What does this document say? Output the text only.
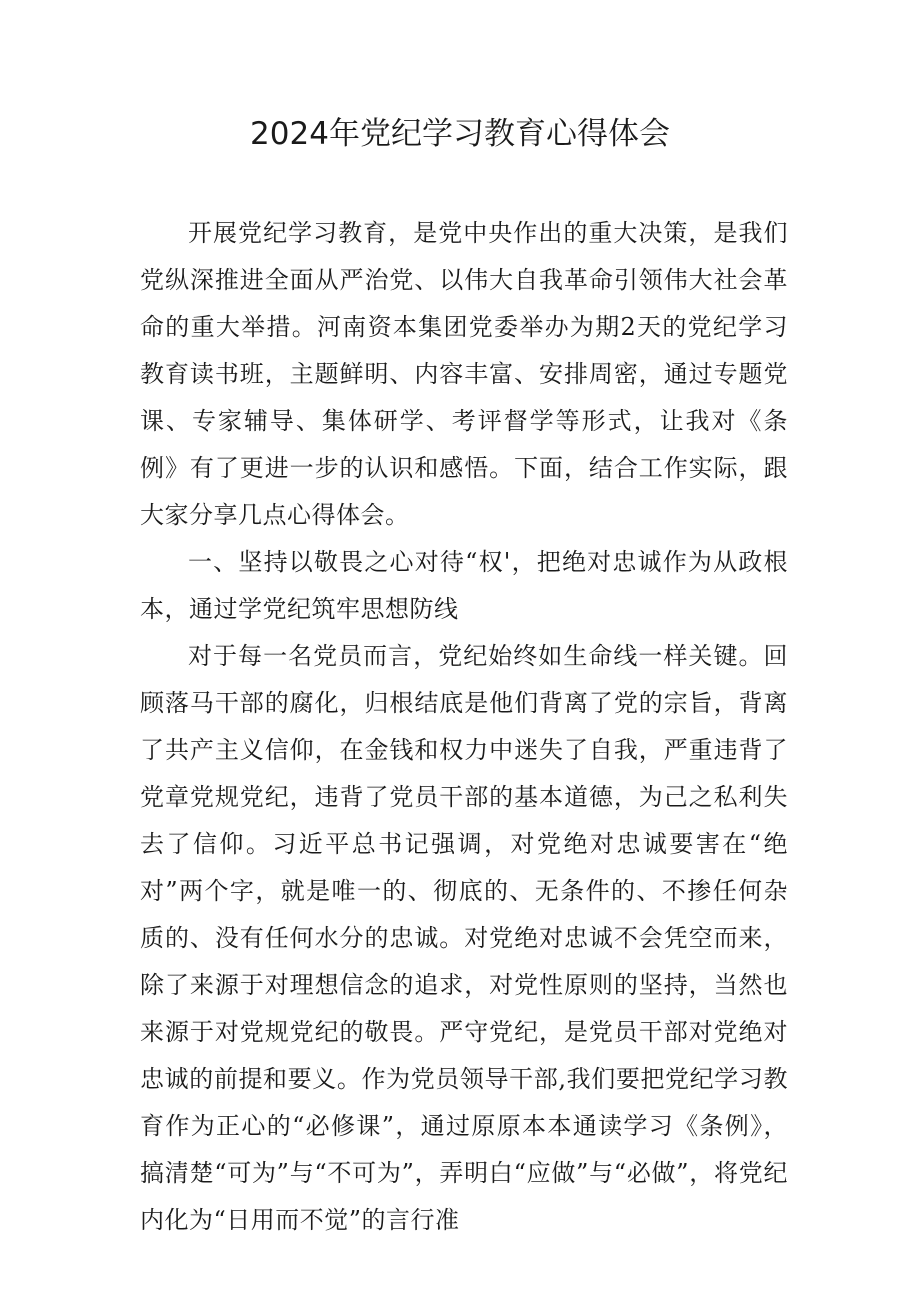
2024年党纪学习教育心得体会

开展党纪学习教育，是党中央作出的重大决策，是我们党纵深推进全面从严治党、以伟大自我革命引领伟大社会革命的重大举措。河南资本集团党委举办为期2天的党纪学习教育读书班，主题鲜明、内容丰富、安排周密，通过专题党课、专家辅导、集体研学、考评督学等形式，让我对《条例》有了更进一步的认识和感悟。下面，结合工作实际，跟大家分享几点心得体会。

一、坚持以敬畏之心对待“权'，把绝对忠诚作为从政根本，通过学党纪筑牢思想防线

对于每一名党员而言，党纪始终如生命线一样关键。回顾落马干部的腐化，归根结底是他们背离了党的宗旨，背离了共产主义信仰，在金钱和权力中迷失了自我，严重违背了党章党规党纪，违背了党员干部的基本道德，为己之私利失去了信仰。习近平总书记强调，对党绝对忠诚要害在“绝对”两个字，就是唯一的、彻底的、无条件的、不掺任何杂质的、没有任何水分的忠诚。对党绝对忠诚不会凭空而来，除了来源于对理想信念的追求，对党性原则的坚持，当然也来源于对党规党纪的敬畏。严守党纪，是党员干部对党绝对忠诚的前提和要义。作为党员领导干部,我们要把党纪学习教育作为正心的“必修课”，通过原原本本通读学习《条例》，搞清楚“可为”与“不可为”，弄明白“应做”与“必做”，将党纪内化为“日用而不觉”的言行准
